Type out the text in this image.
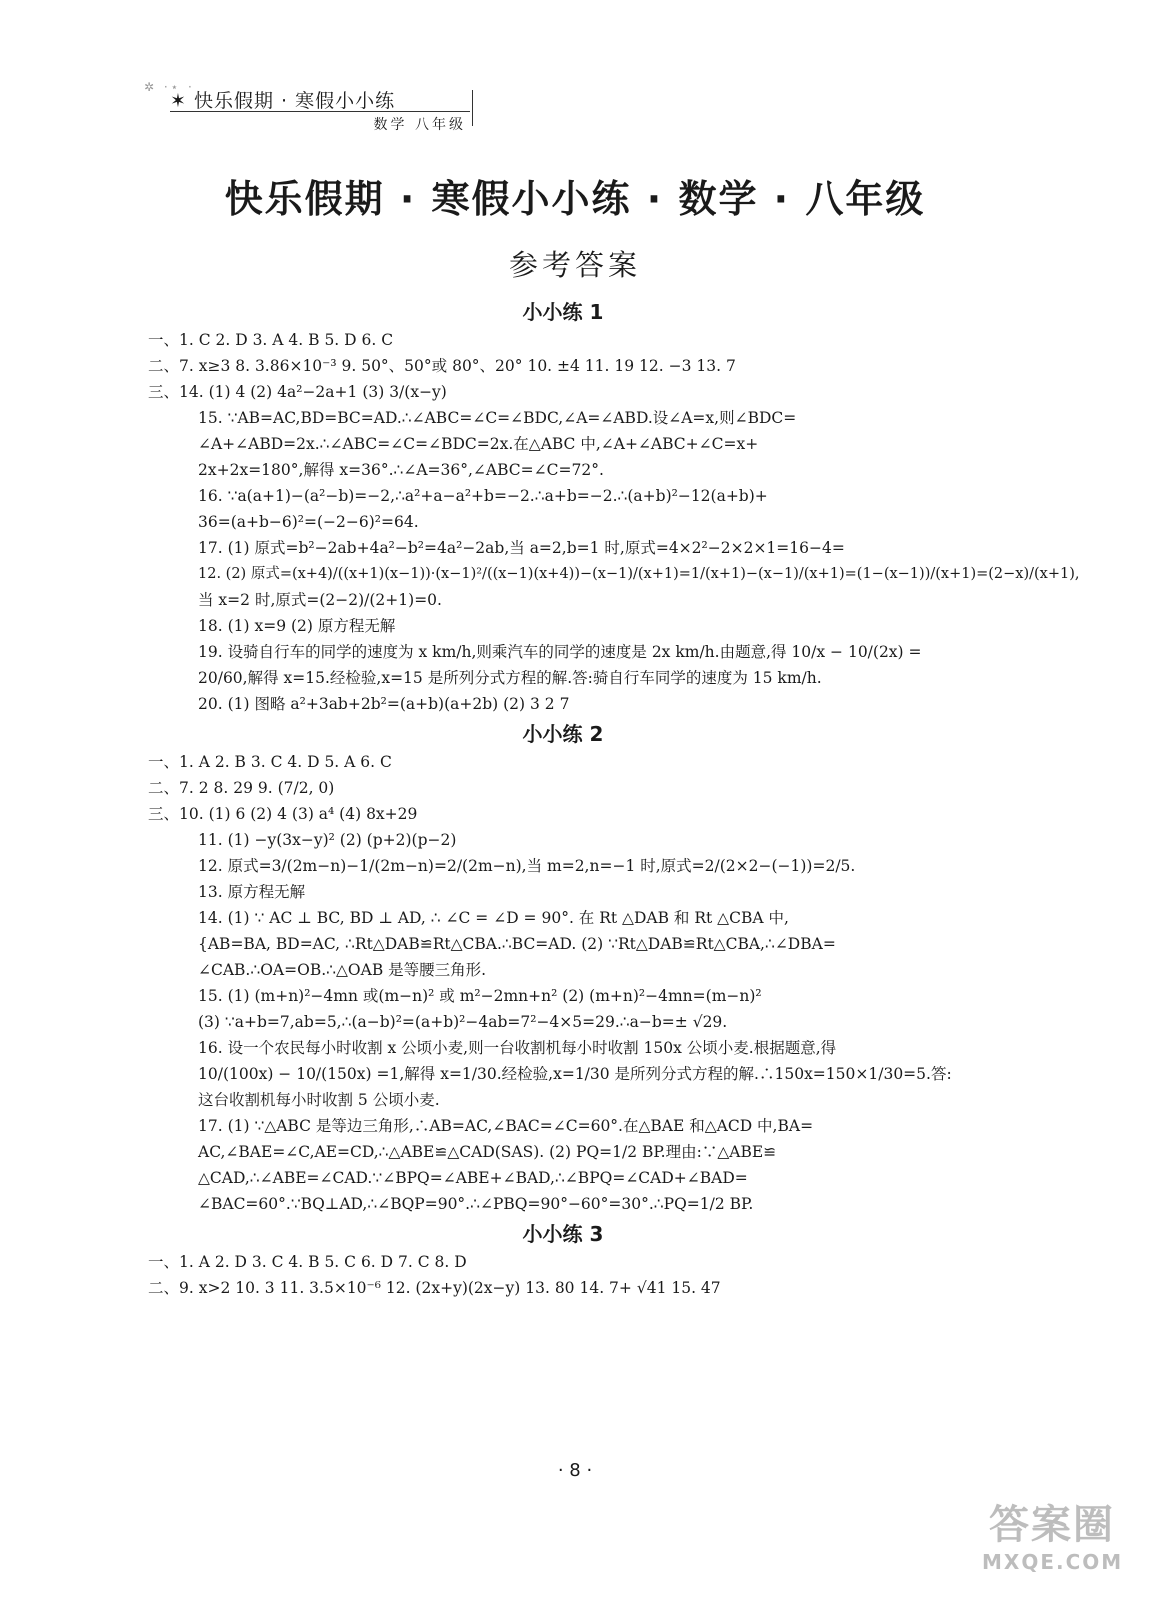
✲ ·⋆ ·
✶ 快乐假期 · 寒假小小练
数学 八年级
快乐假期 · 寒假小小练 · 数学 · 八年级
参考答案
小小练 1
一、1. C 2. D 3. A 4. B 5. D 6. C
二、7. x≥3 8. 3.86×10⁻³ 9. 50°、50°或 80°、20° 10. ±4 11. 19 12. −3 13. 7
三、14. (1) 4 (2) 4a²−2a+1 (3) 3/(x−y)
15. ∵AB=AC,BD=BC=AD.∴∠ABC=∠C=∠BDC,∠A=∠ABD.设∠A=x,则∠BDC=
∠A+∠ABD=2x.∴∠ABC=∠C=∠BDC=2x.在△ABC 中,∠A+∠ABC+∠C=x+
2x+2x=180°,解得 x=36°.∴∠A=36°,∠ABC=∠C=72°.
16. ∵a(a+1)−(a²−b)=−2,∴a²+a−a²+b=−2.∴a+b=−2.∴(a+b)²−12(a+b)+
36=(a+b−6)²=(−2−6)²=64.
17. (1) 原式=b²−2ab+4a²−b²=4a²−2ab,当 a=2,b=1 时,原式=4×2²−2×2×1=16−4=
12. (2) 原式=(x+4)/((x+1)(x−1))·(x−1)²/((x−1)(x+4))−(x−1)/(x+1)=1/(x+1)−(x−1)/(x+1)=(1−(x−1))/(x+1)=(2−x)/(x+1),
当 x=2 时,原式=(2−2)/(2+1)=0.
18. (1) x=9 (2) 原方程无解
19. 设骑自行车的同学的速度为 x km/h,则乘汽车的同学的速度是 2x km/h.由题意,得 10/x − 10/(2x) =
20/60,解得 x=15.经检验,x=15 是所列分式方程的解.答:骑自行车同学的速度为 15 km/h.
20. (1) 图略 a²+3ab+2b²=(a+b)(a+2b) (2) 3 2 7
小小练 2
一、1. A 2. B 3. C 4. D 5. A 6. C
二、7. 2 8. 29 9. (7/2, 0)
三、10. (1) 6 (2) 4 (3) a⁴ (4) 8x+29
11. (1) −y(3x−y)² (2) (p+2)(p−2)
12. 原式=3/(2m−n)−1/(2m−n)=2/(2m−n),当 m=2,n=−1 时,原式=2/(2×2−(−1))=2/5.
13. 原方程无解
14. (1) ∵ AC ⊥ BC, BD ⊥ AD, ∴ ∠C = ∠D = 90°. 在 Rt △DAB 和 Rt △CBA 中,
{AB=BA, BD=AC, ∴Rt△DAB≌Rt△CBA.∴BC=AD. (2) ∵Rt△DAB≌Rt△CBA,∴∠DBA=
∠CAB.∴OA=OB.∴△OAB 是等腰三角形.
15. (1) (m+n)²−4mn 或(m−n)² 或 m²−2mn+n² (2) (m+n)²−4mn=(m−n)²
(3) ∵a+b=7,ab=5,∴(a−b)²=(a+b)²−4ab=7²−4×5=29.∴a−b=± √29.
16. 设一个农民每小时收割 x 公顷小麦,则一台收割机每小时收割 150x 公顷小麦.根据题意,得
10/(100x) − 10/(150x) =1,解得 x=1/30.经检验,x=1/30 是所列分式方程的解.∴150x=150×1/30=5.答:
这台收割机每小时收割 5 公顷小麦.
17. (1) ∵△ABC 是等边三角形,∴AB=AC,∠BAC=∠C=60°.在△BAE 和△ACD 中,BA=
AC,∠BAE=∠C,AE=CD,∴△ABE≌△CAD(SAS). (2) PQ=1/2 BP.理由:∵△ABE≌
△CAD,∴∠ABE=∠CAD.∵∠BPQ=∠ABE+∠BAD,∴∠BPQ=∠CAD+∠BAD=
∠BAC=60°.∵BQ⊥AD,∴∠BQP=90°.∴∠PBQ=90°−60°=30°.∴PQ=1/2 BP.
小小练 3
一、1. A 2. D 3. C 4. B 5. C 6. D 7. C 8. D
二、9. x>2 10. 3 11. 3.5×10⁻⁶ 12. (2x+y)(2x−y) 13. 80 14. 7+ √41 15. 47
· 8 ·
答案圈
MXQE.COM
